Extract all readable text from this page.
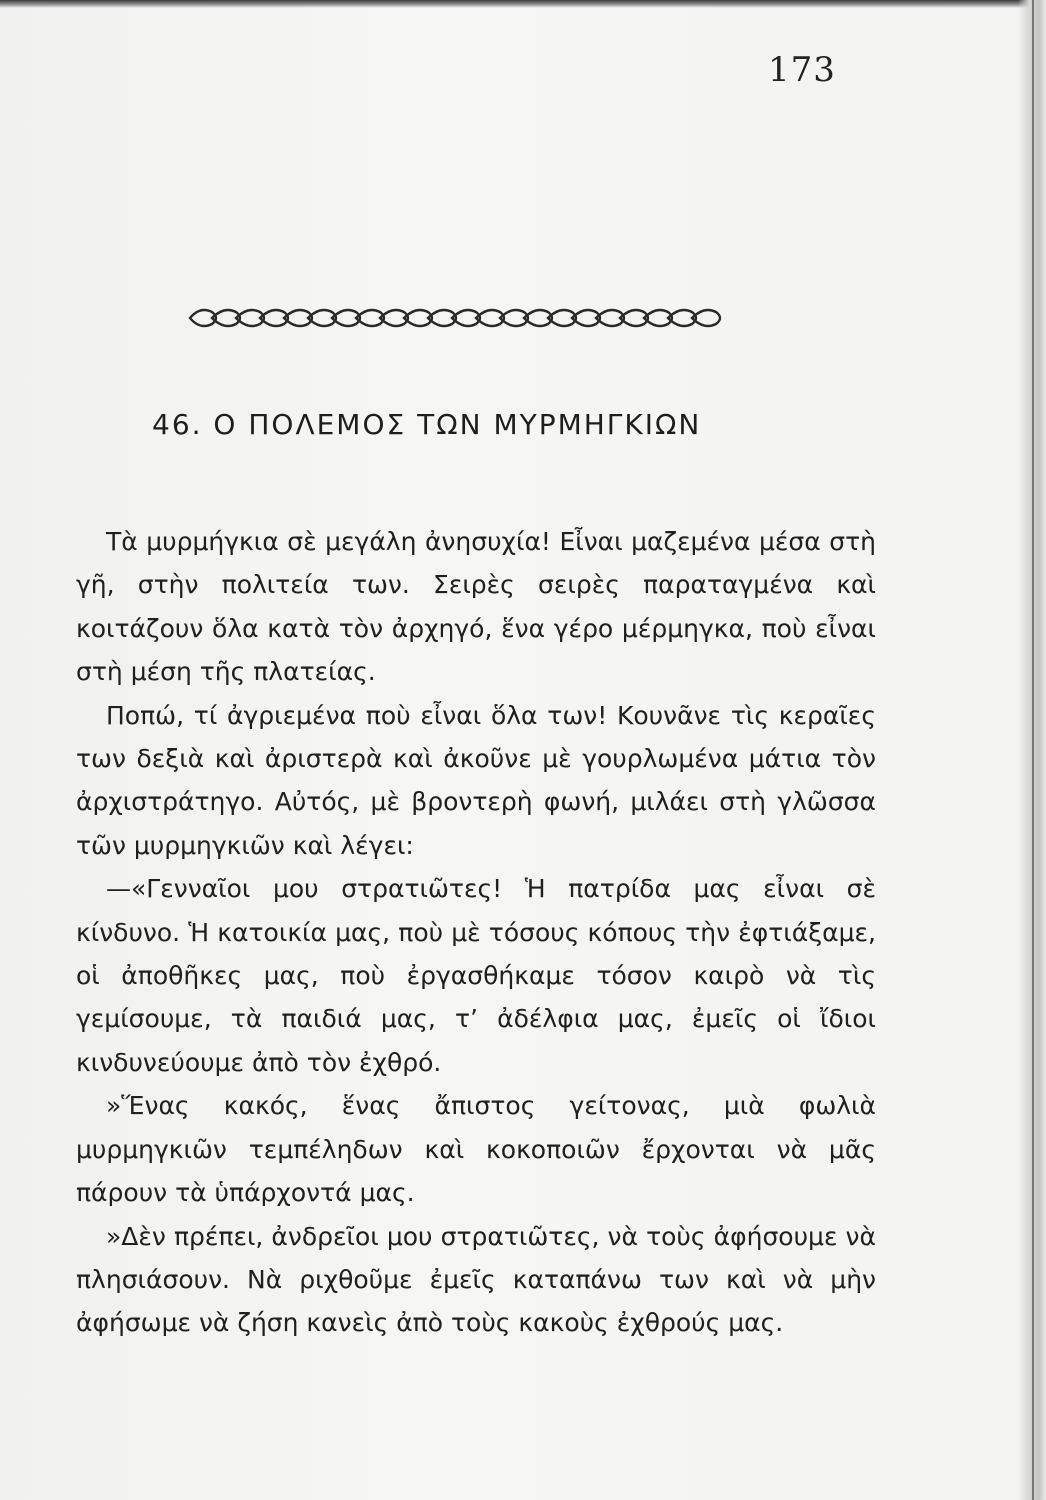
173
46. Ο ΠΟΛΕΜΟΣ ΤΩΝ ΜΥΡΜΗΓΚΙΩΝ

Τὰ μυρμήγκια σὲ μεγάλη ἀνησυχία! Εἶναι μαζεμένα μέσα στὴ γῆ, στὴν πολιτεία των. Σειρὲς σειρὲς παραταγμένα καὶ κοιτάζουν ὅλα κατὰ τὸν ἀρχηγό, ἕνα γέρο μέρμηγκα, ποὺ εἶναι στὴ μέση τῆς πλατείας.

Ποπώ, τί ἀγριεμένα ποὺ εἶναι ὅλα των! Κουνᾶνε τὶς κεραῖες των δεξιὰ καὶ ἀριστερὰ καὶ ἀκοῦνε μὲ γουρλωμένα μάτια τὸν ἀρχιστράτηγο. Αὐτός, μὲ βροντερὴ φωνή, μιλάει στὴ γλῶσσα τῶν μυρμηγκιῶν καὶ λέγει:

—«Γενναῖοι μου στρατιῶτες! Ἡ πατρίδα μας εἶναι σὲ κίνδυνο. Ἡ κατοικία μας, ποὺ μὲ τόσους κόπους τὴν ἐφτιάξαμε, οἱ ἀποθῆκες μας, ποὺ ἐργασθήκαμε τόσον καιρὸ νὰ τὶς γεμίσουμε, τὰ παιδιά μας, τ’ ἀδέλφια μας, ἐμεῖς οἱ ἴδιοι κινδυνεύουμε ἀπὸ τὸν ἐχθρό.

»Ἕνας κακός, ἕνας ἄπιστος γείτονας, μιὰ φωλιὰ μυρμηγκιῶν τεμπέληδων καὶ κοκοποιῶν ἔρχονται νὰ μᾶς πάρουν τὰ ὑπάρχοντά μας.

»Δὲν πρέπει, ἀνδρεῖοι μου στρατιῶτες, νὰ τοὺς ἀφήσουμε νὰ πλησιάσουν. Νὰ ριχθοῦμε ἐμεῖς καταπάνω των καὶ νὰ μὴν ἀφήσωμε νὰ ζήση κανεὶς ἀπὸ τοὺς κακοὺς ἐχθρούς μας.
